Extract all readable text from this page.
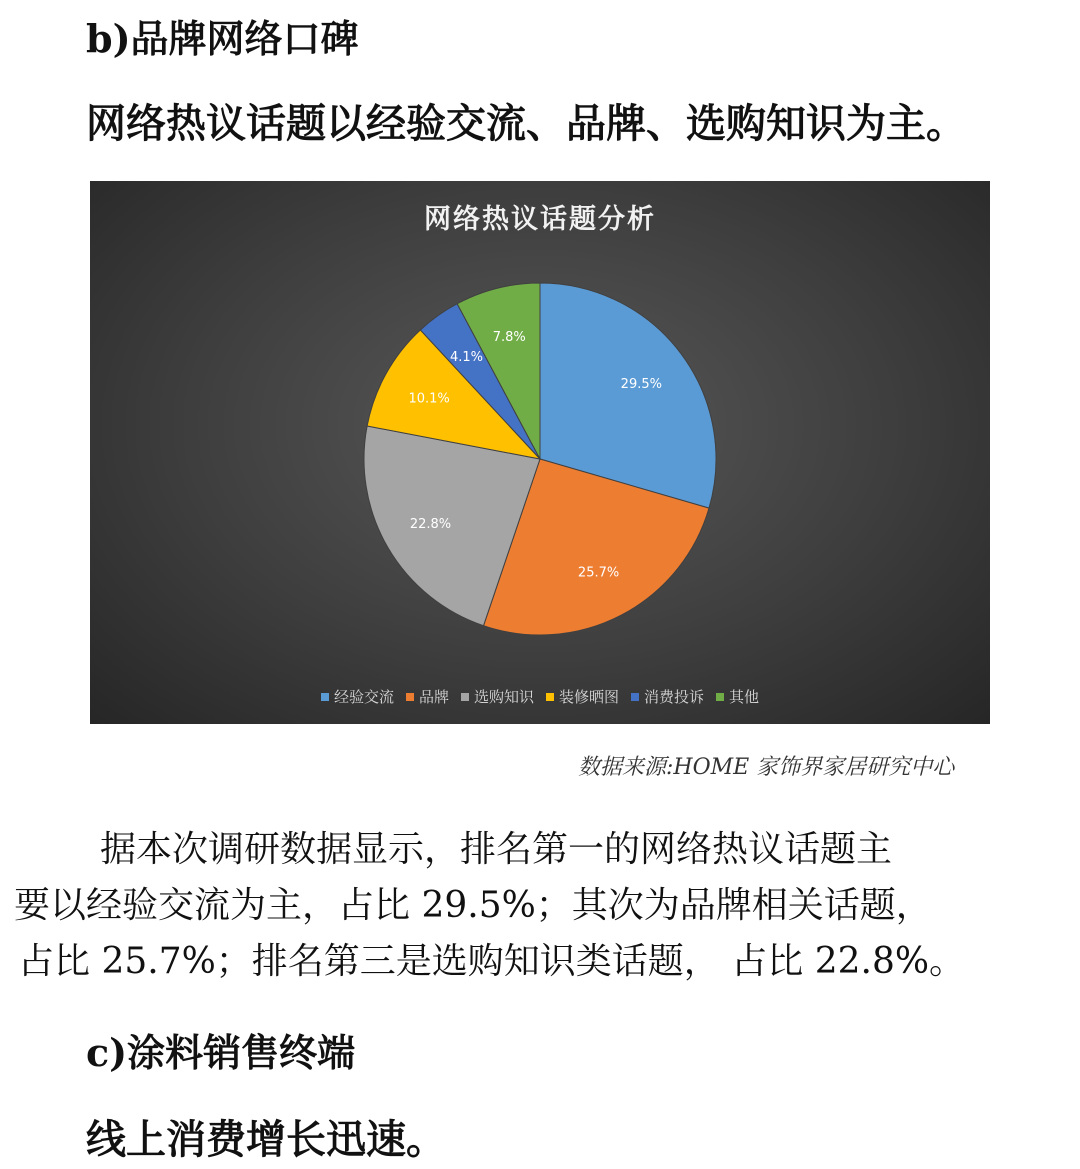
b)品牌网络口碑
网络热议话题以经验交流、品牌、选购知识为主。
网络热议话题分析
29.5%
25.7%
22.8%
10.1%
4.1%
7.8%
经验交流 品牌 选购知识 装修晒图 消费投诉 其他
数据来源:HOME 家饰界家居研究中心
据本次调研数据显示，排名第一的网络热议话题主
要以经验交流为主，占比 29.5%；其次为品牌相关话题，
占比 25.7%；排名第三是选购知识类话题， 占比 22.8%。
c)涂料销售终端
线上消费增长迅速。
